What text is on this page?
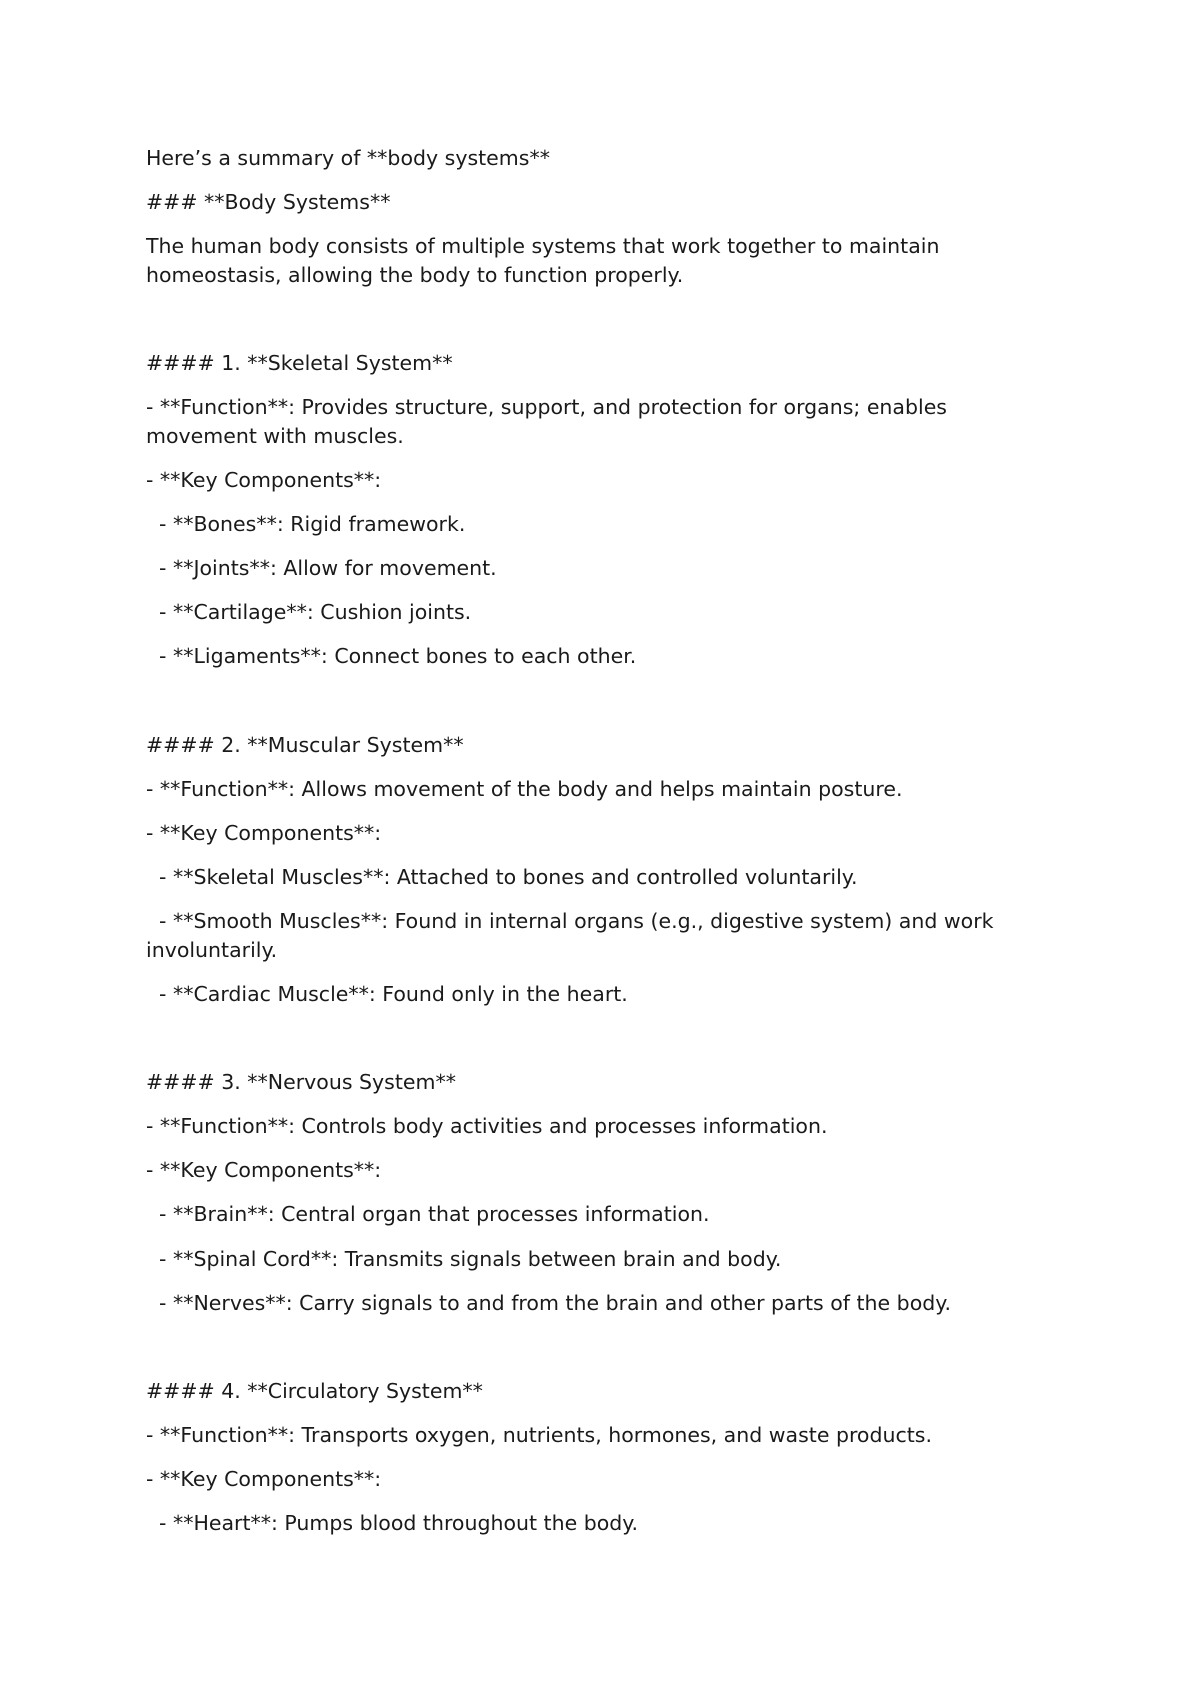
Here’s a summary of **body systems**

### **Body Systems**

The human body consists of multiple systems that work together to maintain homeostasis, allowing the body to function properly.

#### 1. **Skeletal System**

- **Function**: Provides structure, support, and protection for organs; enables movement with muscles.

- **Key Components**:

- **Bones**: Rigid framework.

- **Joints**: Allow for movement.

- **Cartilage**: Cushion joints.

- **Ligaments**: Connect bones to each other.

#### 2. **Muscular System**

- **Function**: Allows movement of the body and helps maintain posture.

- **Key Components**:

- **Skeletal Muscles**: Attached to bones and controlled voluntarily.

- **Smooth Muscles**: Found in internal organs (e.g., digestive system) and work involuntarily.

- **Cardiac Muscle**: Found only in the heart.

#### 3. **Nervous System**

- **Function**: Controls body activities and processes information.

- **Key Components**:

- **Brain**: Central organ that processes information.

- **Spinal Cord**: Transmits signals between brain and body.

- **Nerves**: Carry signals to and from the brain and other parts of the body.

#### 4. **Circulatory System**

- **Function**: Transports oxygen, nutrients, hormones, and waste products.

- **Key Components**:

- **Heart**: Pumps blood throughout the body.
